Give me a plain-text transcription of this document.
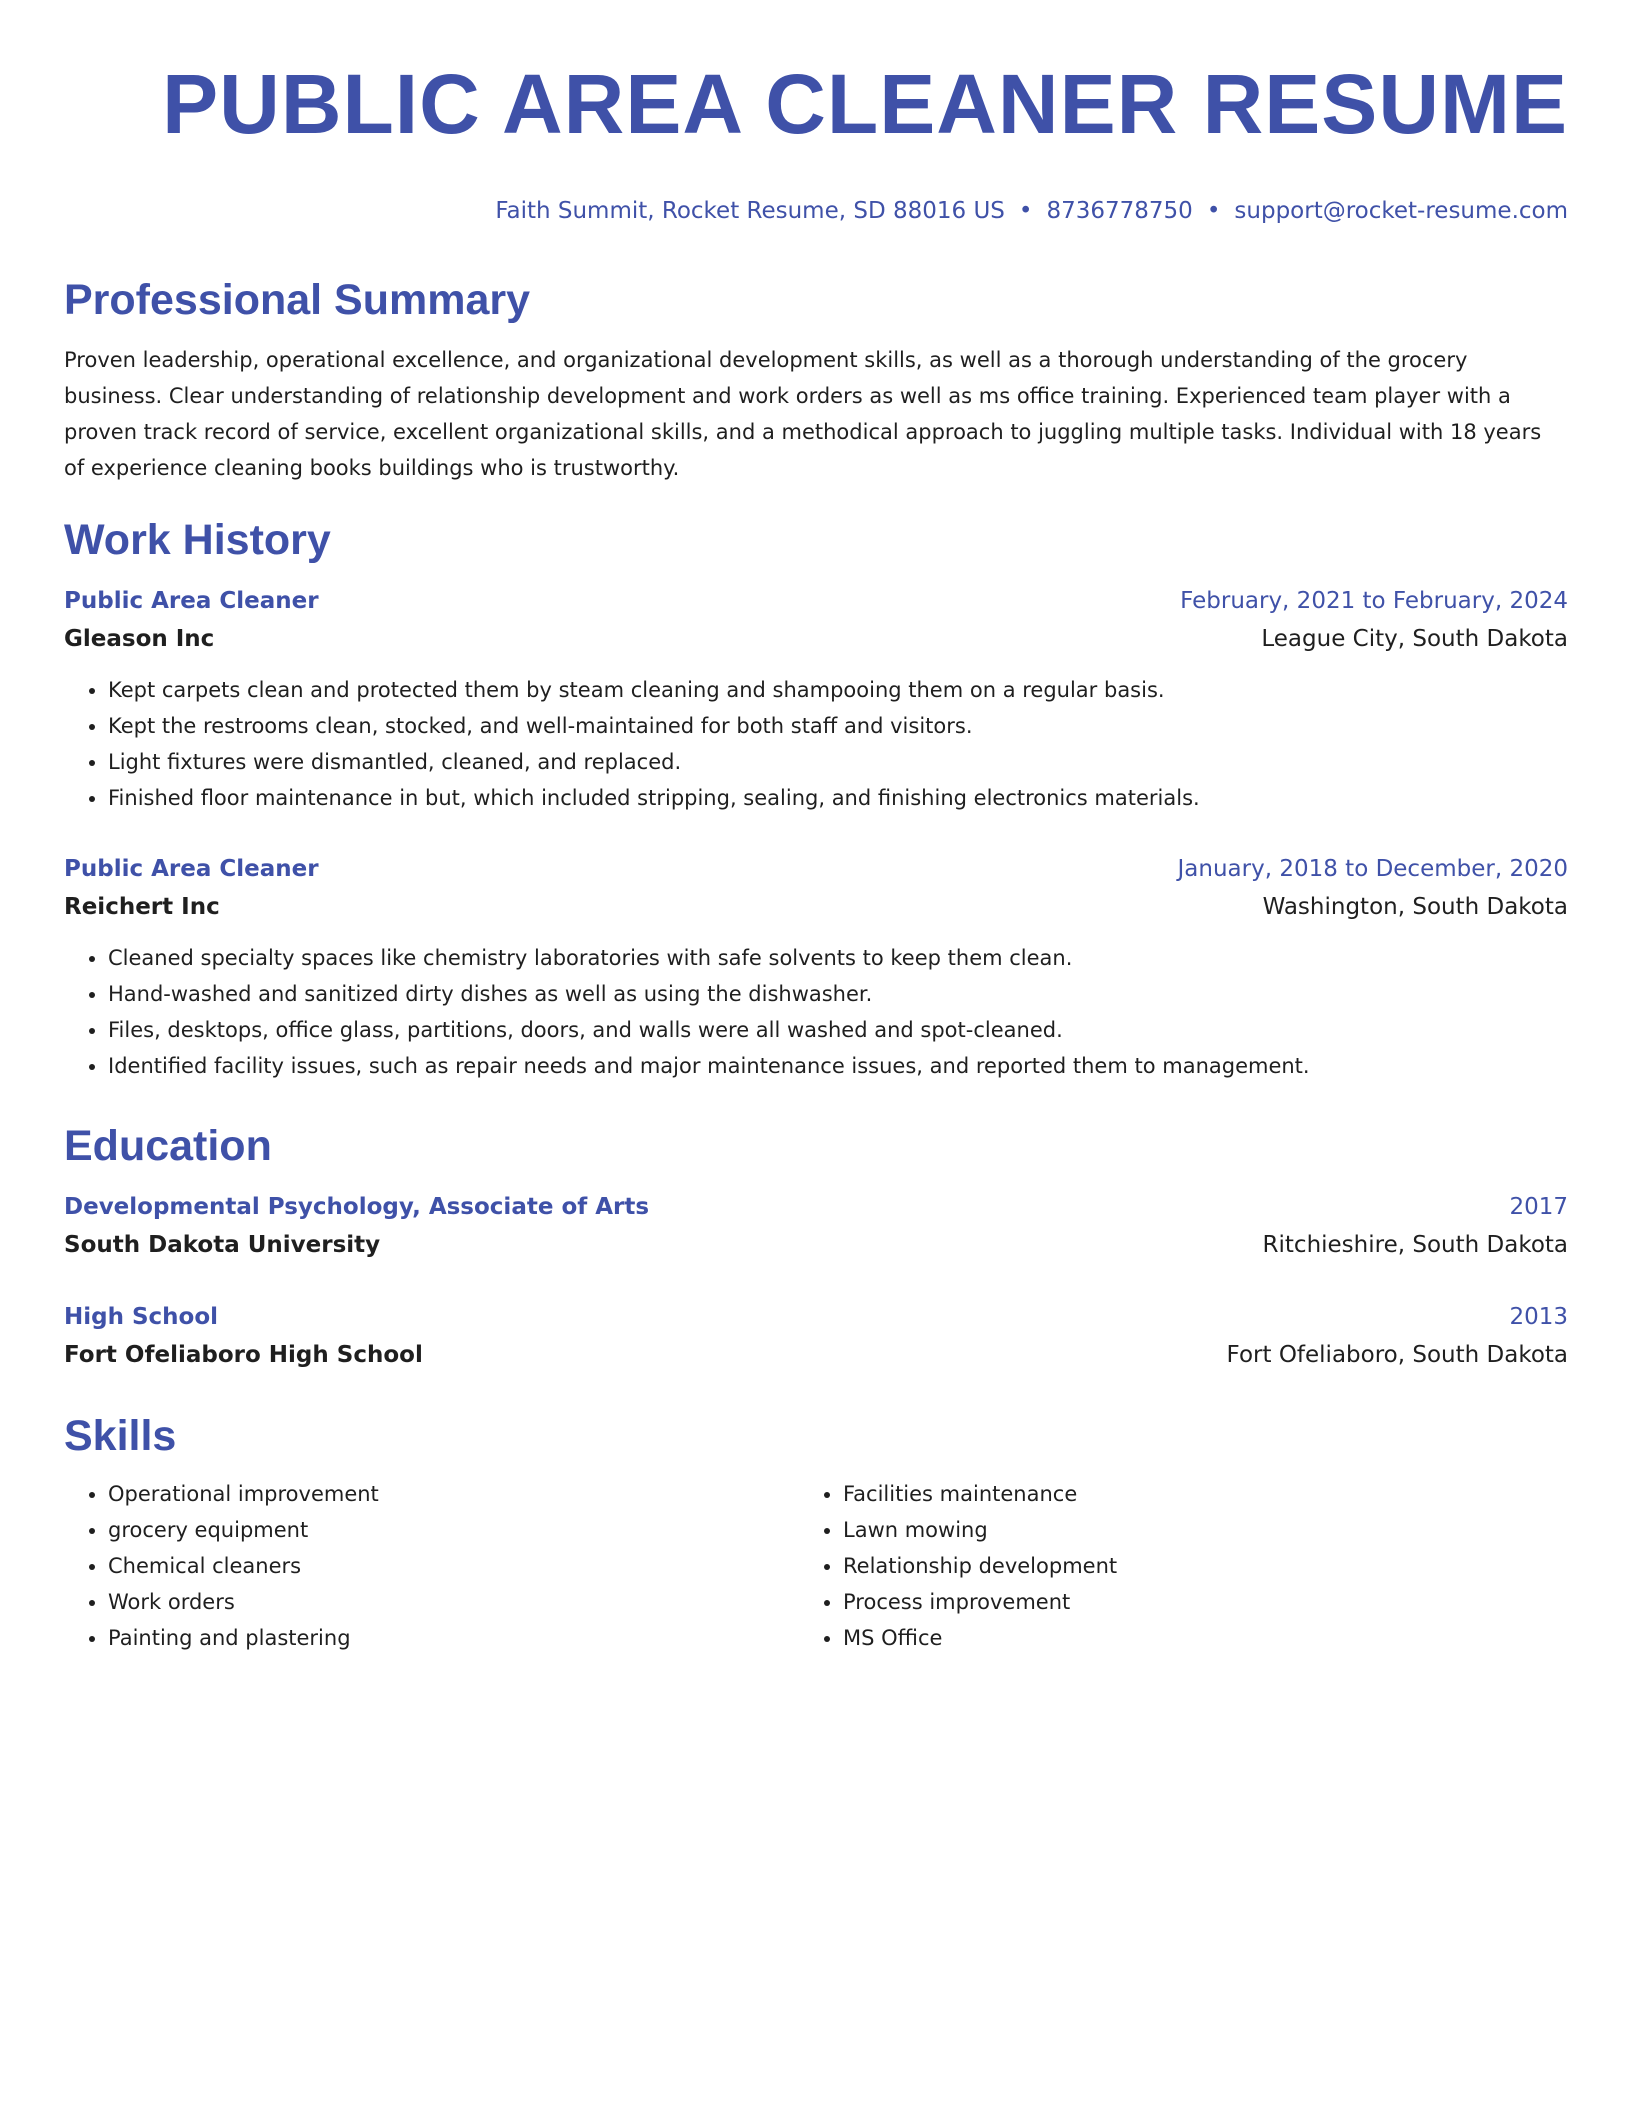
PUBLIC AREA CLEANER RESUME
Faith Summit, Rocket Resume, SD 88016 US • 8736778750 • support@rocket-resume.com
Professional Summary
Proven leadership, operational excellence, and organizational development skills, as well as a thorough understanding of the grocery business. Clear understanding of relationship development and work orders as well as ms office training. Experienced team player with a proven track record of service, excellent organizational skills, and a methodical approach to juggling multiple tasks. Individual with 18 years of experience cleaning books buildings who is trustworthy.
Work History
Public Area Cleaner	February, 2021 to February, 2024
Gleason Inc	League City, South Dakota
• Kept carpets clean and protected them by steam cleaning and shampooing them on a regular basis.
• Kept the restrooms clean, stocked, and well-maintained for both staff and visitors.
• Light fixtures were dismantled, cleaned, and replaced.
• Finished floor maintenance in but, which included stripping, sealing, and finishing electronics materials.
Public Area Cleaner	January, 2018 to December, 2020
Reichert Inc	Washington, South Dakota
• Cleaned specialty spaces like chemistry laboratories with safe solvents to keep them clean.
• Hand-washed and sanitized dirty dishes as well as using the dishwasher.
• Files, desktops, office glass, partitions, doors, and walls were all washed and spot-cleaned.
• Identified facility issues, such as repair needs and major maintenance issues, and reported them to management.
Education
Developmental Psychology, Associate of Arts	2017
South Dakota University	Ritchieshire, South Dakota
High School	2013
Fort Ofeliaboro High School	Fort Ofeliaboro, South Dakota
Skills
• Operational improvement
• grocery equipment
• Chemical cleaners
• Work orders
• Painting and plastering
• Facilities maintenance
• Lawn mowing
• Relationship development
• Process improvement
• MS Office
